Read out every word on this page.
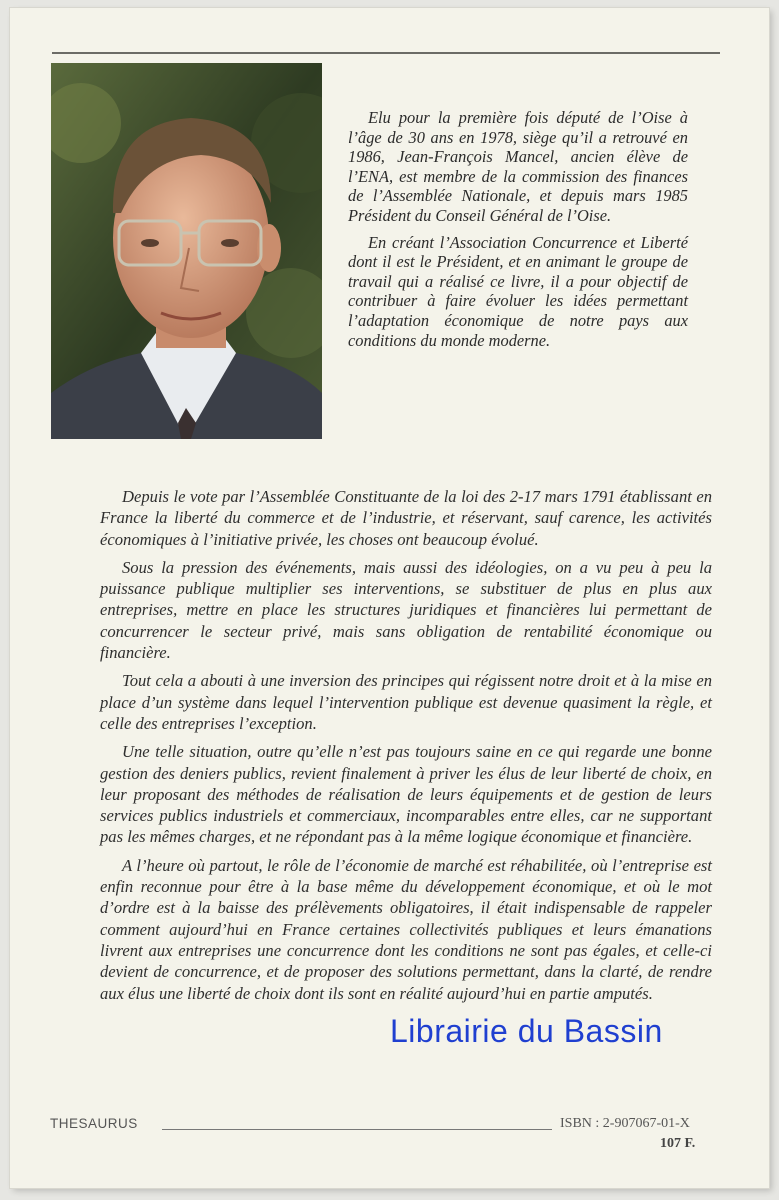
Elu pour la première fois député de l’Oise à l’âge de 30 ans en 1978, siège qu’il a retrouvé en 1986, Jean-François Mancel, ancien élève de l’ENA, est membre de la commission des finances de l’Assemblée Nationale, et depuis mars 1985 Président du Conseil Général de l’Oise.

En créant l’Association Concurrence et Liberté dont il est le Président, et en animant le groupe de travail qui a réalisé ce livre, il a pour objectif de contribuer à faire évoluer les idées permettant l’adaptation économique de notre pays aux conditions du monde moderne.

Depuis le vote par l’Assemblée Constituante de la loi des 2-17 mars 1791 établissant en France la liberté du commerce et de l’industrie, et réservant, sauf carence, les activités économiques à l’initiative privée, les choses ont beaucoup évolué.

Sous la pression des événements, mais aussi des idéologies, on a vu peu à peu la puissance publique multiplier ses interventions, se substituer de plus en plus aux entreprises, mettre en place les structures juridiques et financières lui permettant de concurrencer le secteur privé, mais sans obligation de rentabilité économique ou financière.

Tout cela a abouti à une inversion des principes qui régissent notre droit et à la mise en place d’un système dans lequel l’intervention publique est devenue quasiment la règle, et celle des entreprises l’exception.

Une telle situation, outre qu’elle n’est pas toujours saine en ce qui regarde une bonne gestion des deniers publics, revient finalement à priver les élus de leur liberté de choix, en leur proposant des méthodes de réalisation de leurs équipements et de gestion de leurs services publics industriels et commerciaux, incomparables entre elles, car ne supportant pas les mêmes charges, et ne répondant pas à la même logique économique et financière.

A l’heure où partout, le rôle de l’économie de marché est réhabilitée, où l’entreprise est enfin reconnue pour être à la base même du développement économique, et où le mot d’ordre est à la baisse des prélèvements obligatoires, il était indispensable de rappeler comment aujourd’hui en France certaines collectivités publiques et leurs émanations livrent aux entreprises une concurrence dont les conditions ne sont pas égales, et celle-ci devient de concurrence, et de proposer des solutions permettant, dans la clarté, de rendre aux élus une liberté de choix dont ils sont en réalité aujourd’hui en partie amputés.

Librairie du Bassin
THESAURUS	ISBN : 2-907067-01-X
107 F.
